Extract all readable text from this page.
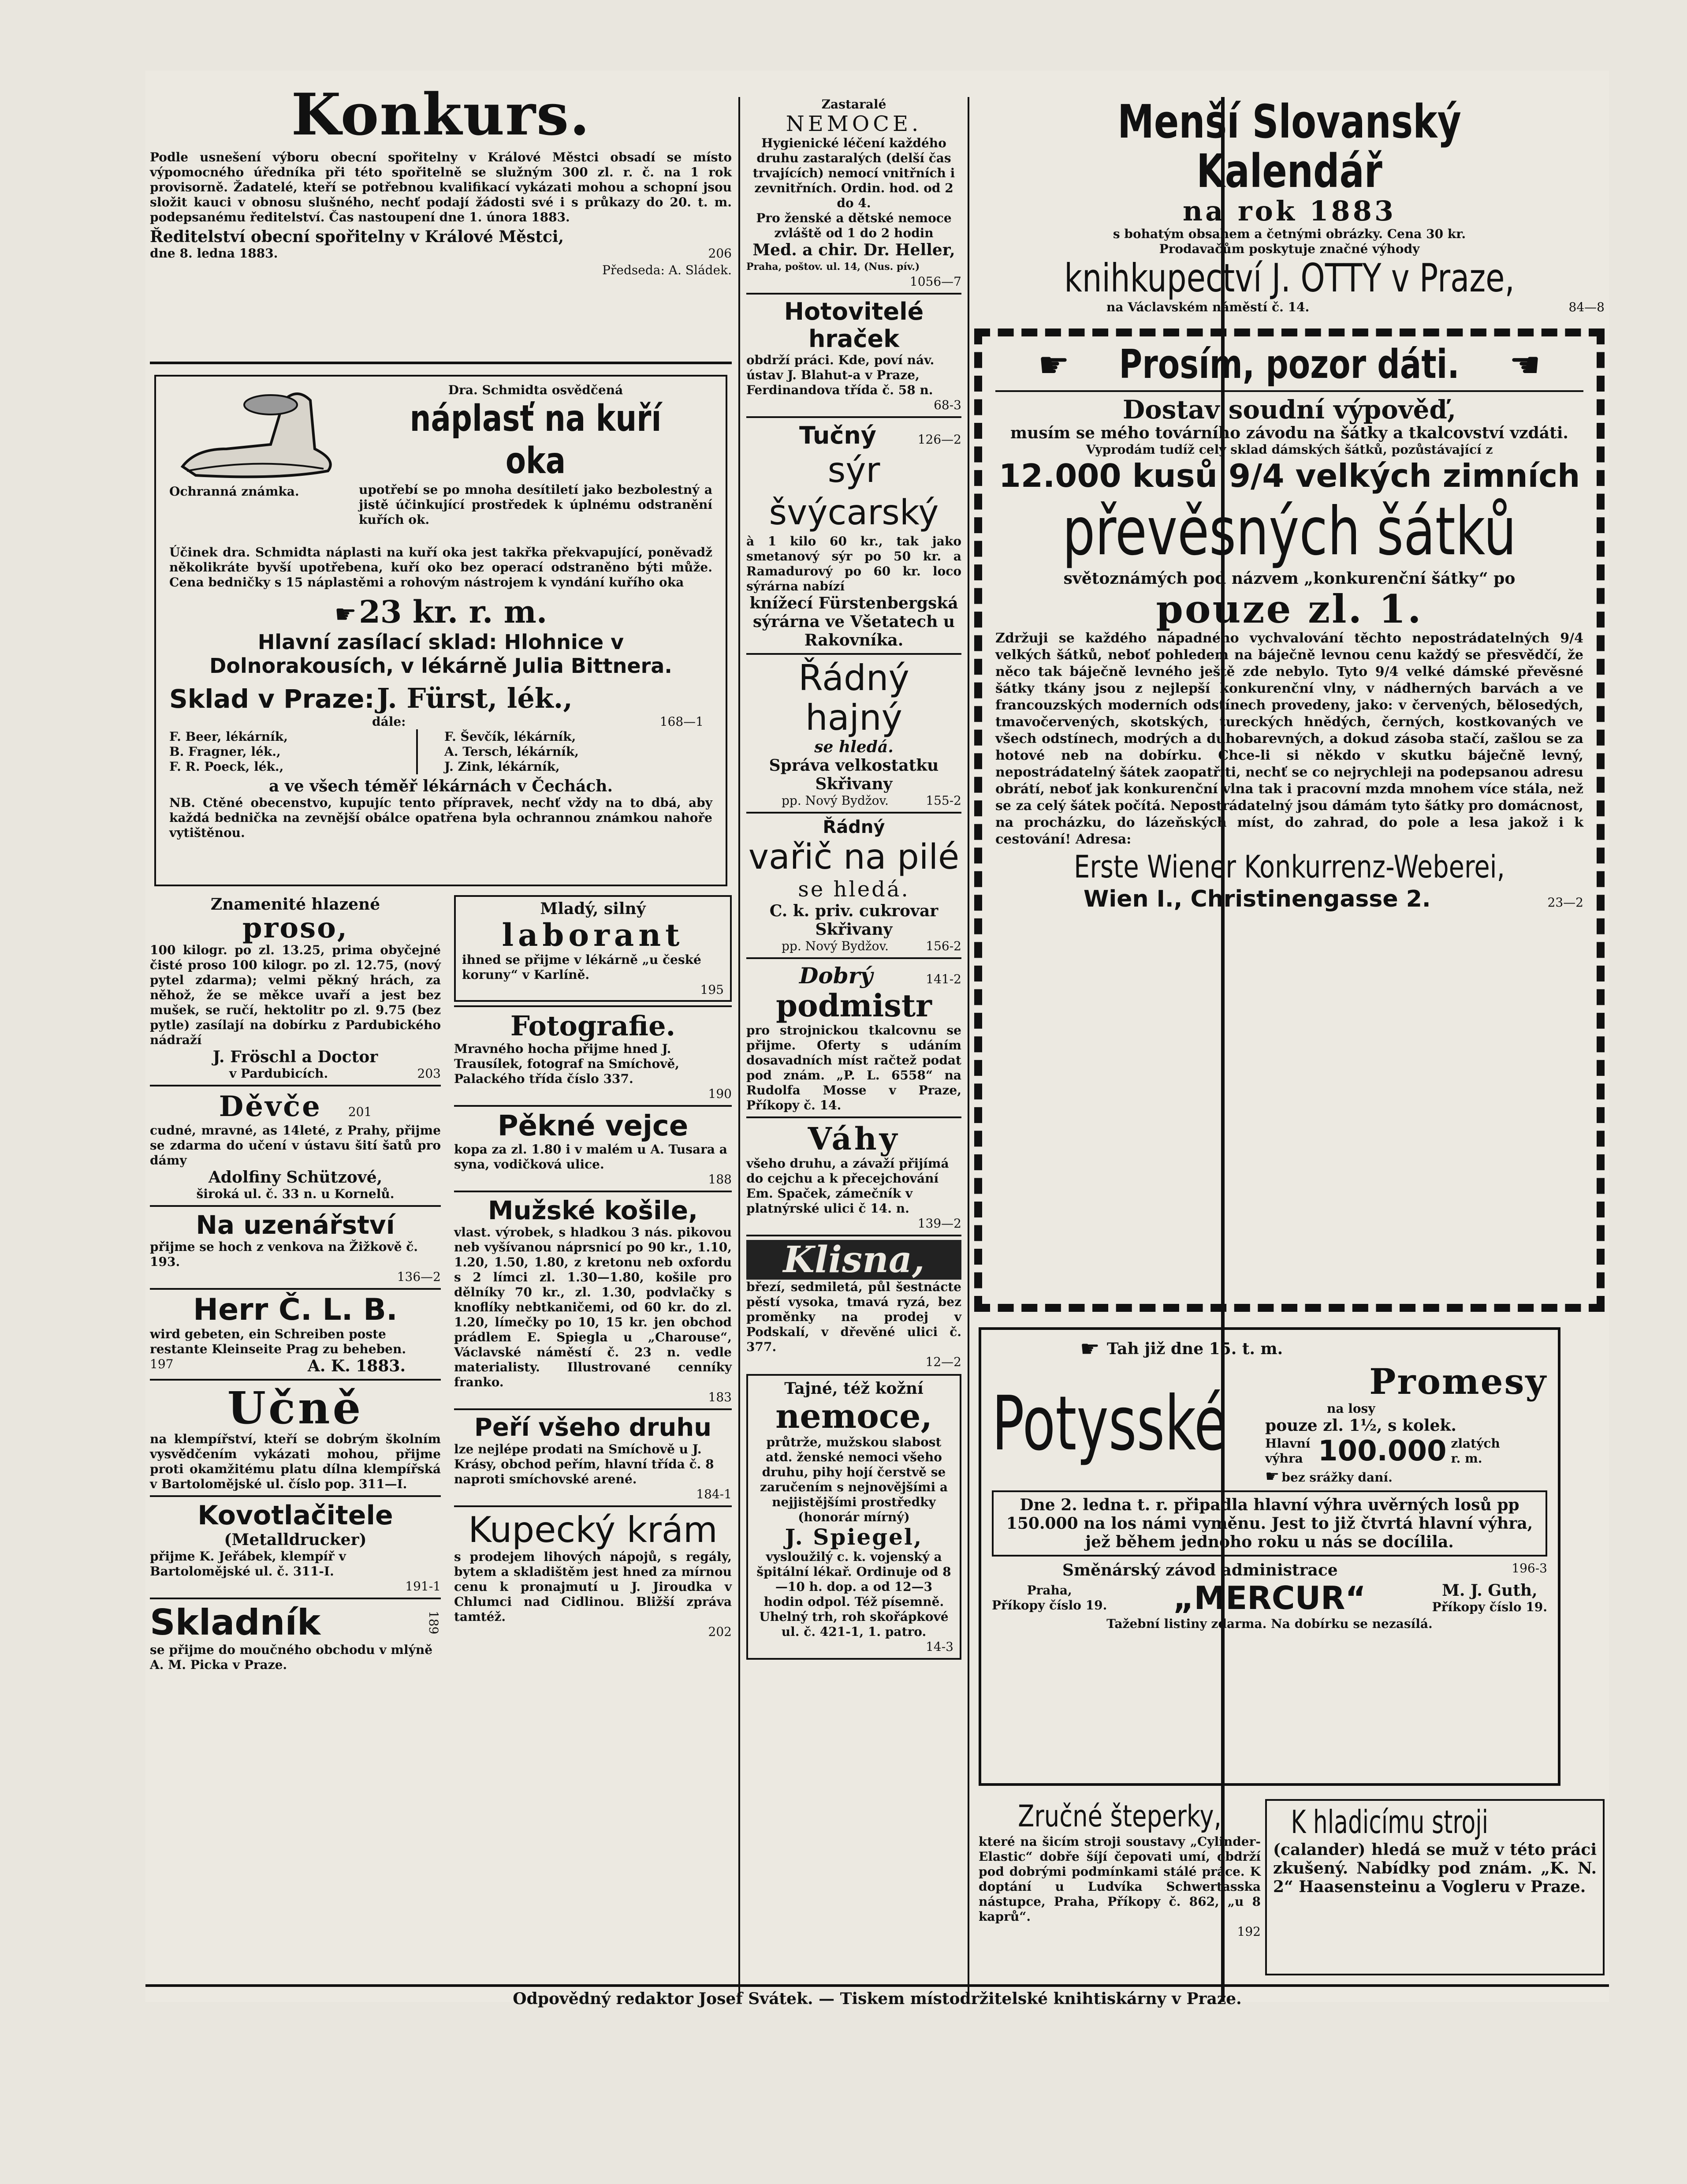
Konkurs.

Podle usnešení výboru obecní spořitelny v Králové Městci obsadí se místo výpomocného úředníka při této spořitelně se služným 300 zl. r. č. na 1 rok provisorně. Žadatelé, kteří se potřebnou kvalifikací vykázati mohou a schopní jsou složit kauci v obnosu slušného, nechť podají žádosti své i s průkazy do 20. t. m. podepsanému ředitelství. Čas nastoupení dne 1. února 1883.

Ředitelství obecní spořitelny v Králové Městci,

dne 8. ledna 1883.	206

Předseda: A. Sládek.

Ochranná známka.

Dra. Schmidta osvědčená

náplasť na kuří oka

upotřebí se po mnoha desítiletí jako bezbolestný a jistě účinkující prostředek k úplnému odstranění kuřích ok.

Účinek dra. Schmidta náplasti na kuří oka jest takřka překvapující, poněvadž několikráte byvší upotřebena, kuří oko bez operací odstraněno býti může. Cena bedničky s 15 náplastěmi a rohovým nástrojem k vyndání kuřího oka

☛ 23 kr. r. m.

Hlavní zasílací sklad: Hlohnice v Dolnorakousích, v lékárně Julia Bittnera.

Sklad v Praze: J. Fürst, lék.,
dále:	168—1

F. Beer, lékárník,

B. Fragner, lék.,

F. R. Poeck, lék.,

F. Ševčík, lékárník,

A. Tersch, lékárník,

J. Zink, lékárník,

a ve všech téměř lékárnách v Čechách.

NB. Ctěné obecenstvo, kupujíc tento přípravek, nechť vždy na to dbá, aby každá bednička na zevnější obálce opatřena byla ochrannou známkou nahoře vytištěnou.

Znamenité hlazené

proso,

100 kilogr. po zl. 13.25, prima obyčejné čisté proso 100 kilogr. po zl. 12.75, (nový pytel zdarma); velmi pěkný hrách, za něhož, že se měkce uvaří a jest bez mušek, se ručí, hektolitr po zl. 9.75 (bez pytle) zasílají na dobírku z Pardubického nádraží

J. Fröschl a Doctor

v Pardubicích.	203
Děvče 201

cudné, mravné, as 14leté, z Prahy, přijme se zdarma do učení v ústavu šití šatů pro dámy

Adolfiny Schützové,

široká ul. č. 33 n. u Kornelů.

Na uzenářství

přijme se hoch z venkova na Žižkově č. 193.

136—2

Herr Č. L. B.

wird gebeten, ein Schreiben poste restante Kleinseite Prag zu beheben.

197	A. K. 1883.

Učně

na klempířství, kteří se dobrým školním vysvědčením vykázati mohou, přijme proti okamžitému platu dílna klempířská v Bartolomějské ul. číslo pop. 311—I.

Kovotlačitele

(Metalldrucker)

přijme K. Jeřábek, klempíř v Bartolomějské ul. č. 311-I.

191-1

Skladník	189

se přijme do moučného obchodu v mlýně A. M. Picka v Praze.

Mladý, silný

laborant

ihned se přijme v lékárně „u české koruny“ v Karlíně.

195

Fotografie.

Mravného hocha přijme hned J. Trausílek, fotograf na Smíchově, Palackého třída číslo 337.

190

Pěkné vejce

kopa za zl. 1.80 i v malém u A. Tusara a syna, vodičková ulice.

188

Mužské košile,

vlast. výrobek, s hladkou 3 nás. pikovou neb vyšívanou náprsnicí po 90 kr., 1.10, 1.20, 1.50, 1.80, z kretonu neb oxfordu s 2 límci zl. 1.30—1.80, košile pro dělníky 70 kr., zl. 1.30, podvlačky s knoflíky nebtkaničemi, od 60 kr. do zl. 1.20, límečky po 10, 15 kr. jen obchod prádlem E. Spiegla u „Charouse“, Václavské náměstí č. 23 n. vedle materialisty. Illustrované cenníky franko.

183

Peří všeho druhu

lze nejlépe prodati na Smíchově u J. Krásy, obchod peřím, hlavní třída č. 8 naproti smíchovské arené.

184-1

Kupecký krám

s prodejem lihových nápojů, s regály, bytem a skladištěm jest hned za mírnou cenu k pronajmutí u J. Jiroudka v Chlumci nad Cidlinou. Bližší zpráva tamtéž.

202

Zastaralé

NEMOCE.

Hygienické léčení každého druhu zastaralých (delší čas trvajících) nemocí vnitřních i zevnitřních. Ordin. hod. od 2 do 4.

Pro ženské a dětské nemoce zvláště od 1 do 2 hodin

Med. a chir. Dr. Heller,

Praha, poštov. ul. 14, (Nus. pív.)

1056—7

Hotovitelé hraček

obdrží práci. Kde, poví náv. ústav J. Blahut-a v Praze, Ferdinandova třída č. 58 n.

68-3

Tučný	126—2

sýr švýcarský

à 1 kilo 60 kr., tak jako smetanový sýr po 50 kr. a Ramadurový po 60 kr. loco sýrárna nabízí

knížecí Fürstenbergská sýrárna ve Všetatech u Rakovníka.

Řádný hajný

se hledá.

Správa velkostatku Skřivany

pp. Nový Bydžov.	155-2

Řádný

vařič na pilé

se hledá.

C. k. priv. cukrovar Skřivany

pp. Nový Bydžov.	156-2
Dobrý	141-2

podmistr

pro strojnickou tkalcovnu se přijme. Oferty s udáním dosavadních míst račtež podat pod znám. „P. L. 6558“ na Rudolfa Mosse v Praze, Příkopy č. 14.

Váhy

všeho druhu, a závaží přijímá do cejchu a k přecejchování Em. Spaček, zámečník v platnýrské ulici č 14. n.

139—2

Klisna,

březí, sedmiletá, půl šestnácte pěstí vysoka, tmavá ryzá, bez proměnky na prodej v Podskalí, v dřevěné ulici č. 377.

12—2

Tajné, též kožní

nemoce,

průtrže, mužskou slabost atd. ženské nemoci všeho druhu, pihy hojí čerstvě se zaručením s nejnovějšími a nejjistějšími prostředky (honorár mírný)

J. Spiegel,

vysloužilý c. k. vojenský a špitální lékař. Ordinuje od 8—10 h. dop. a od 12—3 hodin odpol. Též písemně. Uhelný trh, roh skořápkové ul. č. 421-1, 1. patro.

14-3

Menší Slovanský Kalendář

na rok 1883

s bohatým obsahem a četnými obrázky. Cena 30 kr.

Prodavačům poskytuje značné výhody

knihkupectví J. OTTY v Praze,

na Václavském náměstí č. 14.	84—8
☛ Prosím, pozor dáti. ☚

Dostav soudní výpověď,

musím se mého továrního závodu na šátky a tkalcovství vzdáti.

Vyprodám tudíž celý sklad dámských šátků, pozůstávající z

12.000 kusů 9/4 velkých zimních

převěsných šátků

světoznámých pod názvem „konkurenční šátky“ po

pouze zl. 1.

Zdržuji se každého nápadného vychvalování těchto nepostrádatelných 9/4 velkých šátků, neboť pohledem na báječně levnou cenu každý se přesvědčí, že něco tak báječně levného ještě zde nebylo. Tyto 9/4 velké dámské převěsné šátky tkány jsou z nejlepší konkurenční vlny, v nádherných barvách a ve francouzských moderních odstínech provedeny, jako: v červených, bělosedých, tmavočervených, skotských, tureckých hnědých, černých, kostkovaných ve všech odstínech, modrých a duhobarevných, a dokud zásoba stačí, zašlou se za hotové neb na dobírku. Chce-li si někdo v skutku báječně levný, nepostrádatelný šátek zaopatřiti, nechť se co nejrychleji na podepsanou adresu obrátí, neboť jak konkurenční vlna tak i pracovní mzda mnohem více stála, než se za celý šátek počítá. Nepostrádatelný jsou dámám tyto šátky pro domácnost, na procházku, do lázeňských míst, do zahrad, do pole a lesa jakož i k cestování! Adresa:

Erste Wiener Konkurrenz-Weberei,

Wien I., Christinengasse 2.	23—2
☛ Tah již dne 15. t. m.
Potysské	Promesy

na losy

pouze zl. 1½, s kolek.

Hlavní výhra 100.000 zlatých r. m.
☛ bez srážky daní.

Dne 2. ledna t. r. připadla hlavní výhra uvěrných losů pp 150.000 na los námi vyměnu. Jest to již čtvrtá hlavní výhra, jež během jednoho roku u nás se docílila.

Směnárský závod administrace	196-3

Praha,

Příkopy číslo 19. „MERCUR“	M. J. Guth,

Příkopy číslo 19.

Tažební listiny zdarma. Na dobírku se nezasílá.

Zručné šteperky,

které na šicím stroji soustavy „Cylinder-Elastic“ dobře šíjí čepovati umí, obdrží pod dobrými podmínkami stálé práce. K doptání u Ludvíka Schwertasska nástupce, Praha, Příkopy č. 862, „u 8 kaprů“.

192

K hladicímu stroji

(calander) hledá se muž v této práci zkušený. Nabídky pod znám. „K. N. 2“ Haasensteinu a Vogleru v Praze.

Odpovědný redaktor Josef Svátek. — Tiskem místodržitelské knihtiskárny v Praze.
